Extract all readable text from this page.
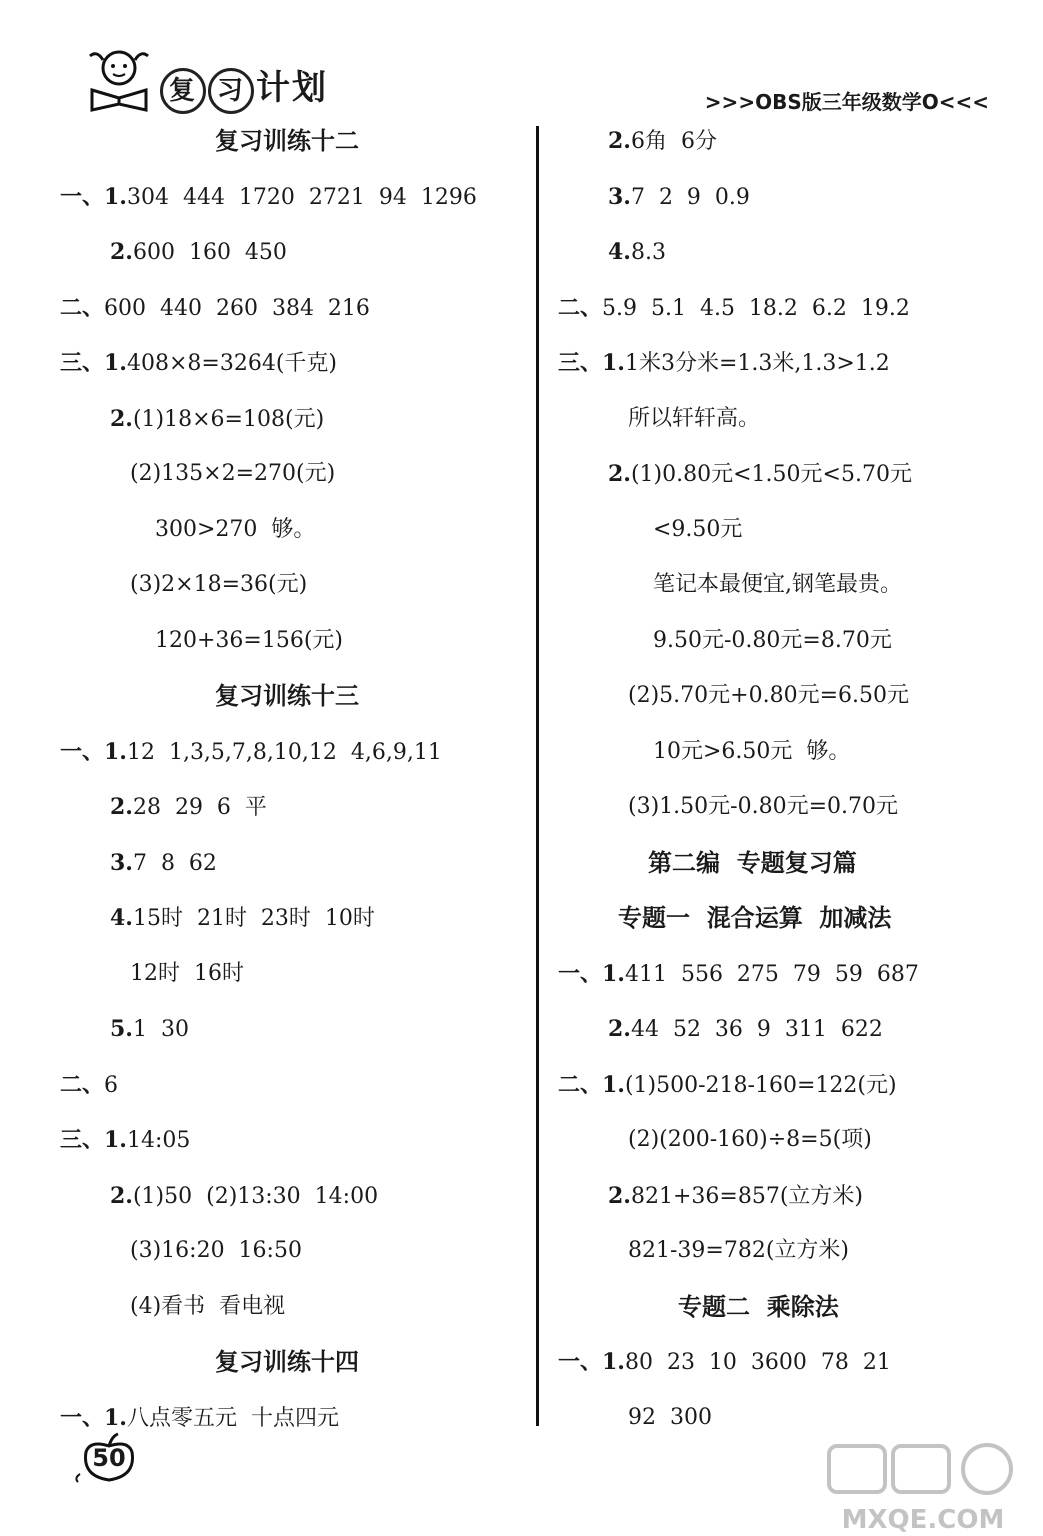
复 习 计划	>>>OBS版三年级数学O<<<
复习训练十二
一、1.304  444  1720  2721  94  1296
2.600  160  450
二、600  440  260  384  216
三、1.408×8=3264(千克)
2.(1)18×6=108(元)
(2)135×2=270(元)
300>270  够。
(3)2×18=36(元)
120+36=156(元)
复习训练十三
一、1.12  1,3,5,7,8,10,12  4,6,9,11
2.28  29  6  平
3.7  8  62
4.15时  21时  23时  10时
12时  16时
5.1  30
二、6
三、1.14:05
2.(1)50  (2)13:30  14:00
(3)16:20  16:50
(4)看书  看电视
复习训练十四
一、1.八点零五元  十点四元
2.6角  6分
3.7  2  9  0.9
4.8.3
二、5.9  5.1  4.5  18.2  6.2  19.2
三、1.1米3分米=1.3米,1.3>1.2
所以轩轩高。
2.(1)0.80元<1.50元<5.70元
<9.50元
笔记本最便宜,钢笔最贵。
9.50元-0.80元=8.70元
(2)5.70元+0.80元=6.50元
10元>6.50元  够。
(3)1.50元-0.80元=0.70元
第二编  专题复习篇
专题一  混合运算  加减法
一、1.411  556  275  79  59  687
2.44  52  36  9  311  622
二、1.(1)500-218-160=122(元)
(2)(200-160)÷8=5(项)
2.821+36=857(立方米)
821-39=782(立方米)
专题二  乘除法
一、1.80  23  10  3600  78  21
92  300
50
MXQE.COM
